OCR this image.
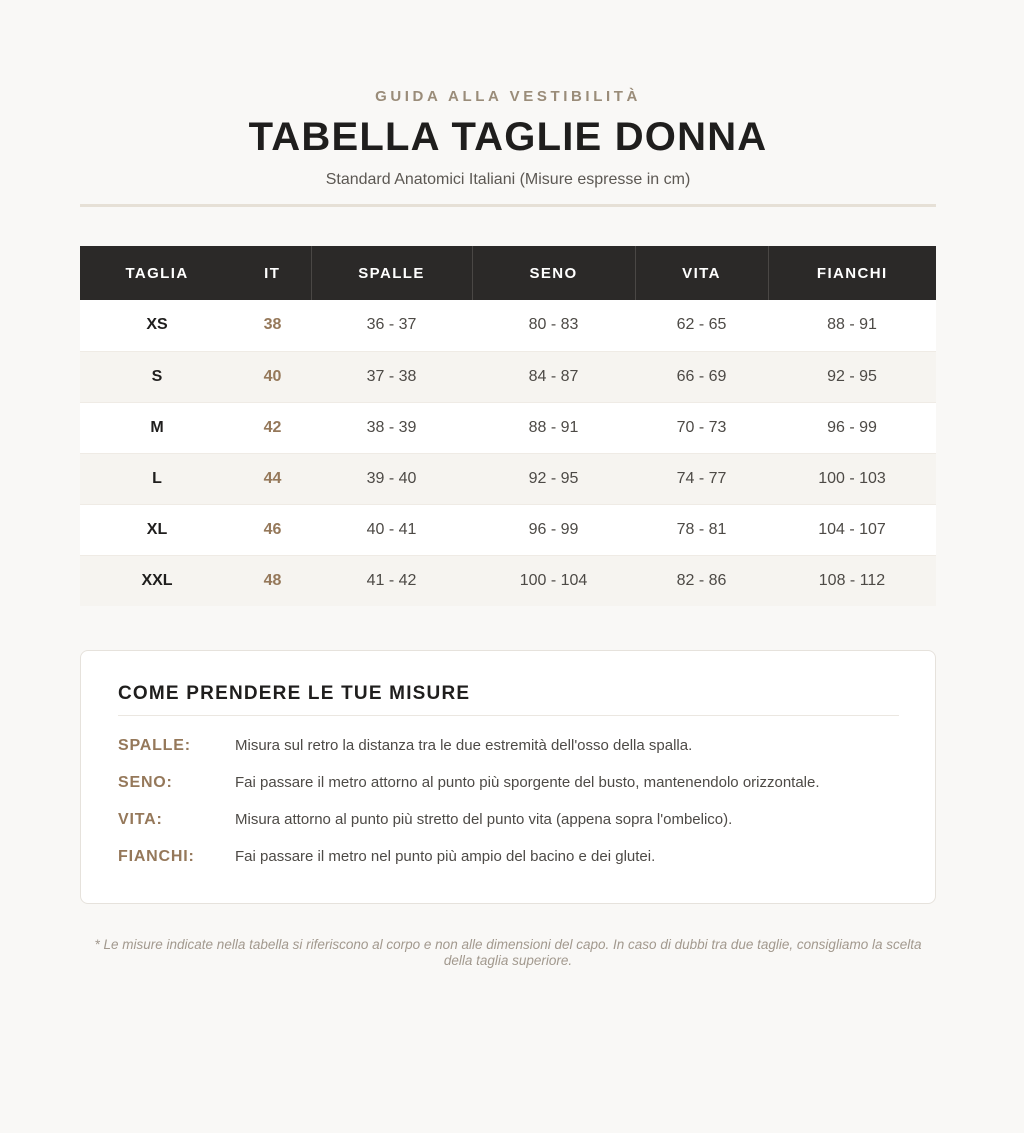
GUIDA ALLA VESTIBILITÀ
TABELLA TAGLIE DONNA
Standard Anatomici Italiani (Misure espresse in cm)
TAGLIA	IT	SPALLE	SENO	VITA	FIANCHI
XS	38	36 - 37	80 - 83	62 - 65	88 - 91
S	40	37 - 38	84 - 87	66 - 69	92 - 95
M	42	38 - 39	88 - 91	70 - 73	96 - 99
L	44	39 - 40	92 - 95	74 - 77	100 - 103
XL	46	40 - 41	96 - 99	78 - 81	104 - 107
XXL	48	41 - 42	100 - 104	82 - 86	108 - 112
COME PRENDERE LE TUE MISURE
SPALLE:	Misura sul retro la distanza tra le due estremità dell'osso della spalla.
SENO:	Fai passare il metro attorno al punto più sporgente del busto, mantenendolo orizzontale.
VITA:	Misura attorno al punto più stretto del punto vita (appena sopra l'ombelico).
FIANCHI:	Fai passare il metro nel punto più ampio del bacino e dei glutei.
* Le misure indicate nella tabella si riferiscono al corpo e non alle dimensioni del capo. In caso di dubbi tra due taglie, consigliamo la scelta della taglia superiore.
